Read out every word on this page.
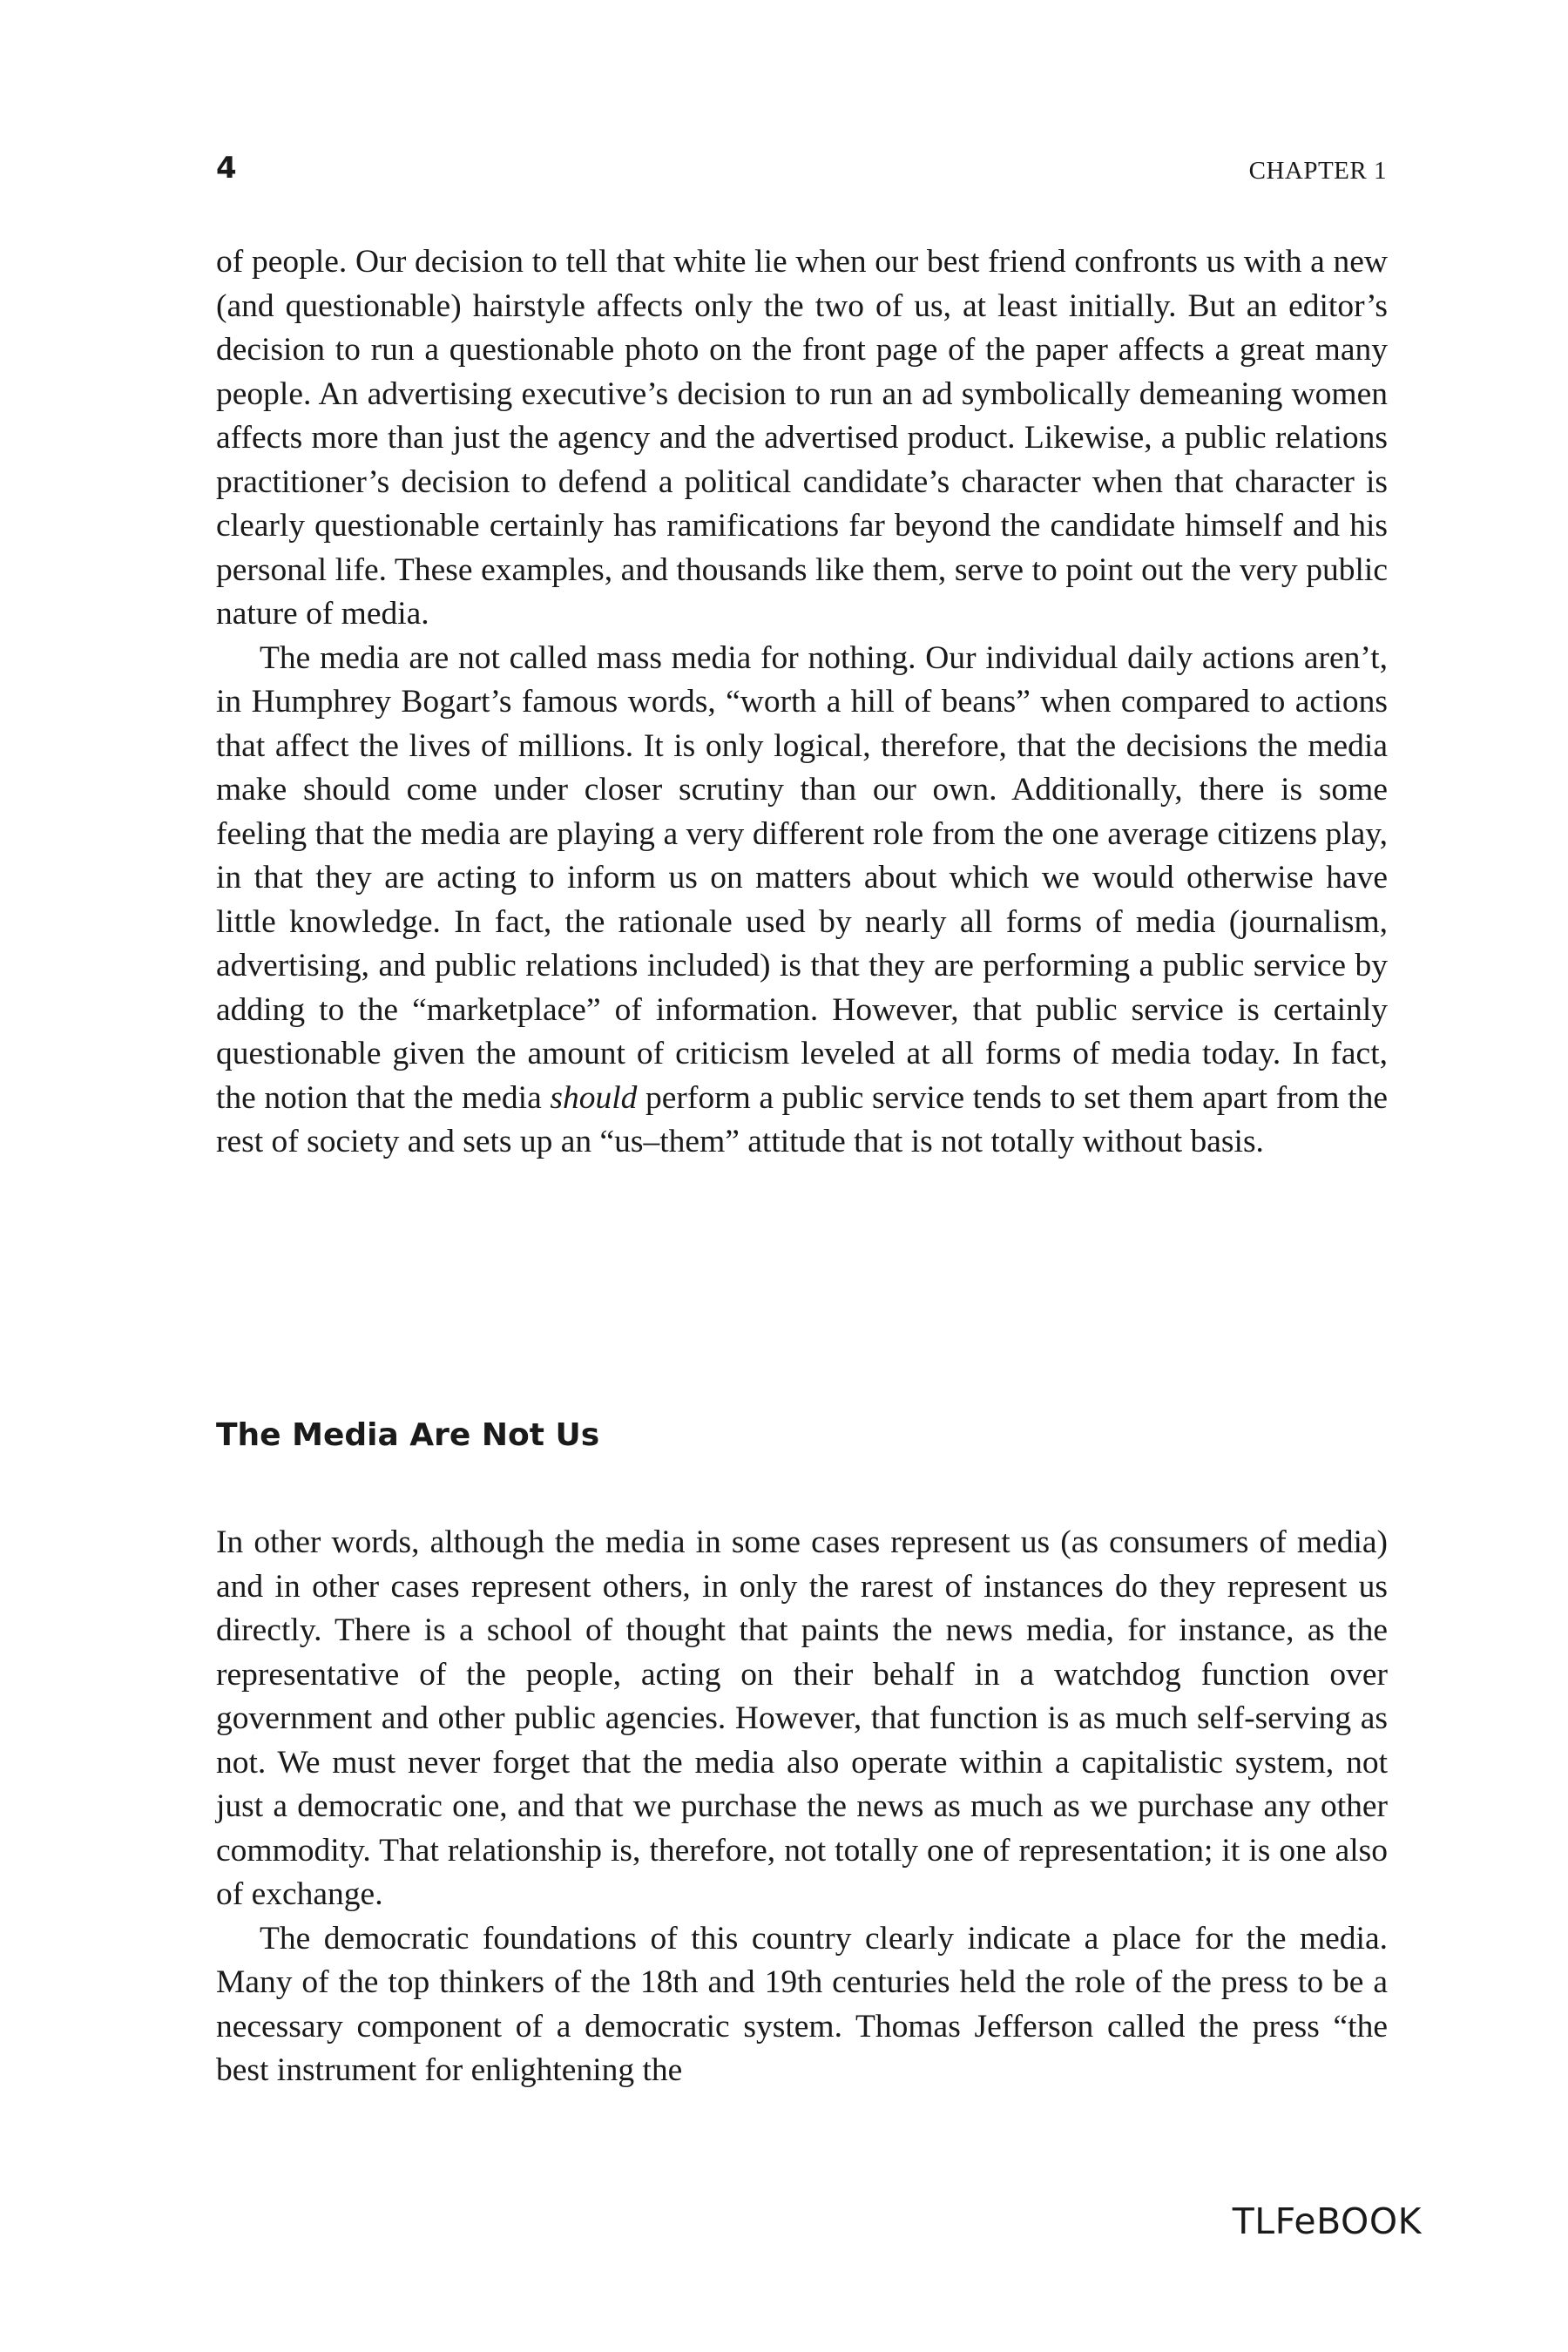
4	CHAPTER 1

of people. Our decision to tell that white lie when our best friend confronts us with a new (and questionable) hairstyle affects only the two of us, at least initially. But an editor’s decision to run a questionable photo on the front page of the paper affects a great many people. An advertising executive’s decision to run an ad symbolically demeaning women affects more than just the agency and the advertised product. Likewise, a public relations practitioner’s decision to defend a political candidate’s character when that character is clearly questionable certainly has ramifications far beyond the candidate himself and his personal life. These examples, and thousands like them, serve to point out the very public nature of media.

The media are not called mass media for nothing. Our individual daily actions aren’t, in Humphrey Bogart’s famous words, “worth a hill of beans” when compared to actions that affect the lives of millions. It is only logical, therefore, that the decisions the media make should come under closer scrutiny than our own. Additionally, there is some feeling that the media are playing a very different role from the one average citizens play, in that they are acting to inform us on matters about which we would otherwise have little knowledge. In fact, the rationale used by nearly all forms of media (journalism, advertising, and public relations included) is that they are performing a public service by adding to the “marketplace” of information. However, that public service is certainly questionable given the amount of criticism leveled at all forms of media today. In fact, the notion that the media should perform a public service tends to set them apart from the rest of society and sets up an “us–them” attitude that is not totally without basis.

The Media Are Not Us

In other words, although the media in some cases represent us (as consumers of media) and in other cases represent others, in only the rarest of instances do they represent us directly. There is a school of thought that paints the news media, for instance, as the representative of the people, acting on their behalf in a watchdog function over government and other public agencies. However, that function is as much self-serving as not. We must never forget that the media also operate within a capitalistic system, not just a democratic one, and that we purchase the news as much as we purchase any other commodity. That relationship is, therefore, not totally one of representation; it is one also of exchange.

The democratic foundations of this country clearly indicate a place for the media. Many of the top thinkers of the 18th and 19th centuries held the role of the press to be a necessary component of a democratic system. Thomas Jefferson called the press “the best instrument for enlightening the

TLFeBOOK
